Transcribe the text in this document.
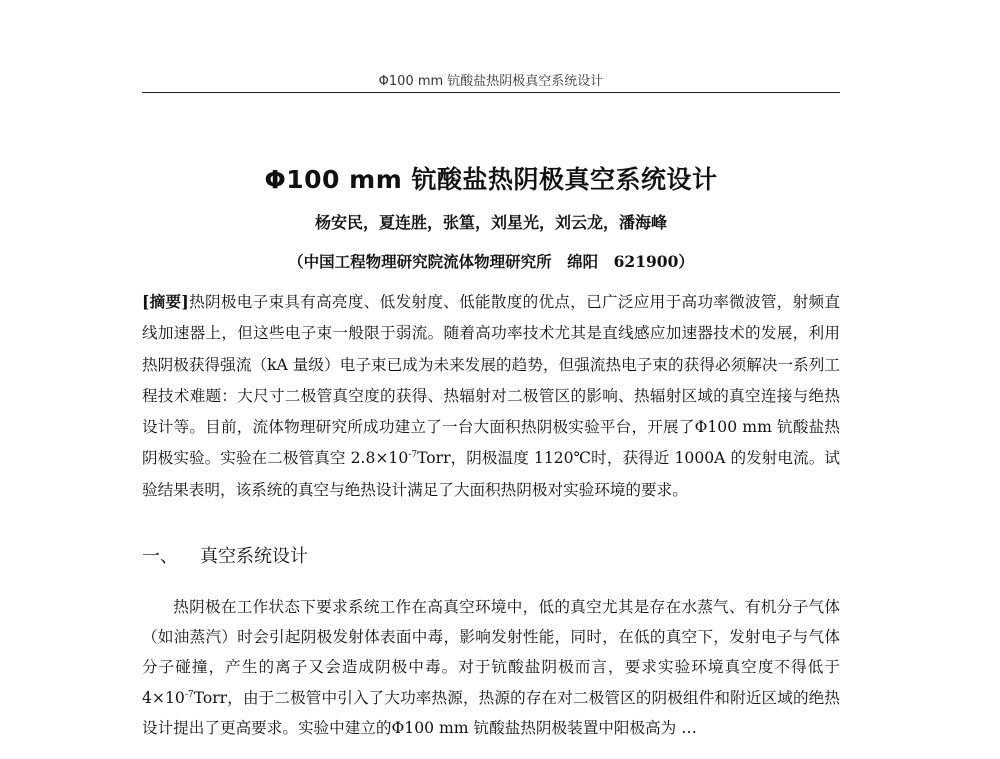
Φ100 mm 钪酸盐热阴极真空系统设计
Φ100 mm 钪酸盐热阴极真空系统设计
杨安民，夏连胜，张篁，刘星光，刘云龙，潘海峰
（中国工程物理研究院流体物理研究所　绵阳　621900）
[摘要]热阴极电子束具有高亮度、低发射度、低能散度的优点，已广泛应用于高功率微波管，射频直线加速器上，但这些电子束一般限于弱流。随着高功率技术尤其是直线感应加速器技术的发展，利用热阴极获得强流（kA 量级）电子束已成为未来发展的趋势，但强流热电子束的获得必须解决一系列工程技术难题：大尺寸二极管真空度的获得、热辐射对二极管区的影响、热辐射区域的真空连接与绝热设计等。目前，流体物理研究所成功建立了一台大面积热阴极实验平台，开展了Φ100 mm 钪酸盐热阴极实验。实验在二极管真空 $2.8\times 10^{-7}Torr$，阴极温度 1120℃时，获得近 1000A 的发射电流。试验结果表明，该系统的真空与绝热设计满足了大面积热阴极对实验环境的要求。
一、 真空系统设计
热阴极在工作状态下要求系统工作在高真空环境中，低的真空尤其是存在水蒸气、有机分子气体（如油蒸汽）时会引起阴极发射体表面中毒，影响发射性能，同时，在低的真空下，发射电子与气体分子碰撞，产生的离子又会造成阴极中毒。对于钪酸盐阴极而言，要求实验环境真空度不得低于 $4\times 10^{-7}Torr$，由于二极管中引入了大功率热源，热源的存在对二极管区的阴极组件和附近区域的绝热设计提出了更高要求。实验中建立的Φ100 mm 钪酸盐热阴极装置中阳极高为 …
